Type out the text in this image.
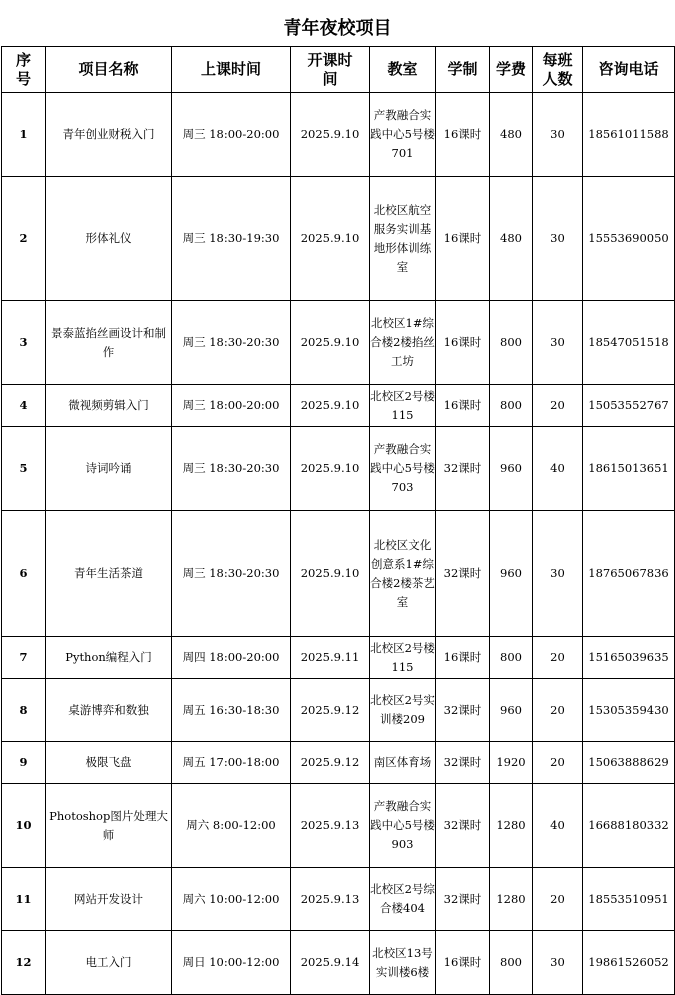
青年夜校项目
序号	项目名称	上课时间	开课时间	教室	学制	学费	每班人数	咨询电话
1	青年创业财税入门	周三 18:00-20:00	2025.9.10	产教融合实践中心5号楼701	16课时	480	30	18561011588
2	形体礼仪	周三 18:30-19:30	2025.9.10	北校区航空服务实训基地形体训练室	16课时	480	30	15553690050
3	景泰蓝掐丝画设计和制作	周三 18:30-20:30	2025.9.10	北校区1#综合楼2楼掐丝工坊	16课时	800	30	18547051518
4	微视频剪辑入门	周三 18:00-20:00	2025.9.10	北校区2号楼115	16课时	800	20	15053552767
5	诗词吟诵	周三 18:30-20:30	2025.9.10	产教融合实践中心5号楼703	32课时	960	40	18615013651
6	青年生活茶道	周三 18:30-20:30	2025.9.10	北校区文化创意系1#综合楼2楼茶艺室	32课时	960	30	18765067836
7	Python编程入门	周四 18:00-20:00	2025.9.11	北校区2号楼115	16课时	800	20	15165039635
8	桌游博弈和数独	周五 16:30-18:30	2025.9.12	北校区2号实训楼209	32课时	960	20	15305359430
9	极限飞盘	周五 17:00-18:00	2025.9.12	南区体育场	32课时	1920	20	15063888629
10	Photoshop图片处理大师	周六 8:00-12:00	2025.9.13	产教融合实践中心5号楼903	32课时	1280	40	16688180332
11	网站开发设计	周六 10:00-12:00	2025.9.13	北校区2号综合楼404	32课时	1280	20	18553510951
12	电工入门	周日 10:00-12:00	2025.9.14	北校区13号实训楼6楼	16课时	800	30	19861526052
